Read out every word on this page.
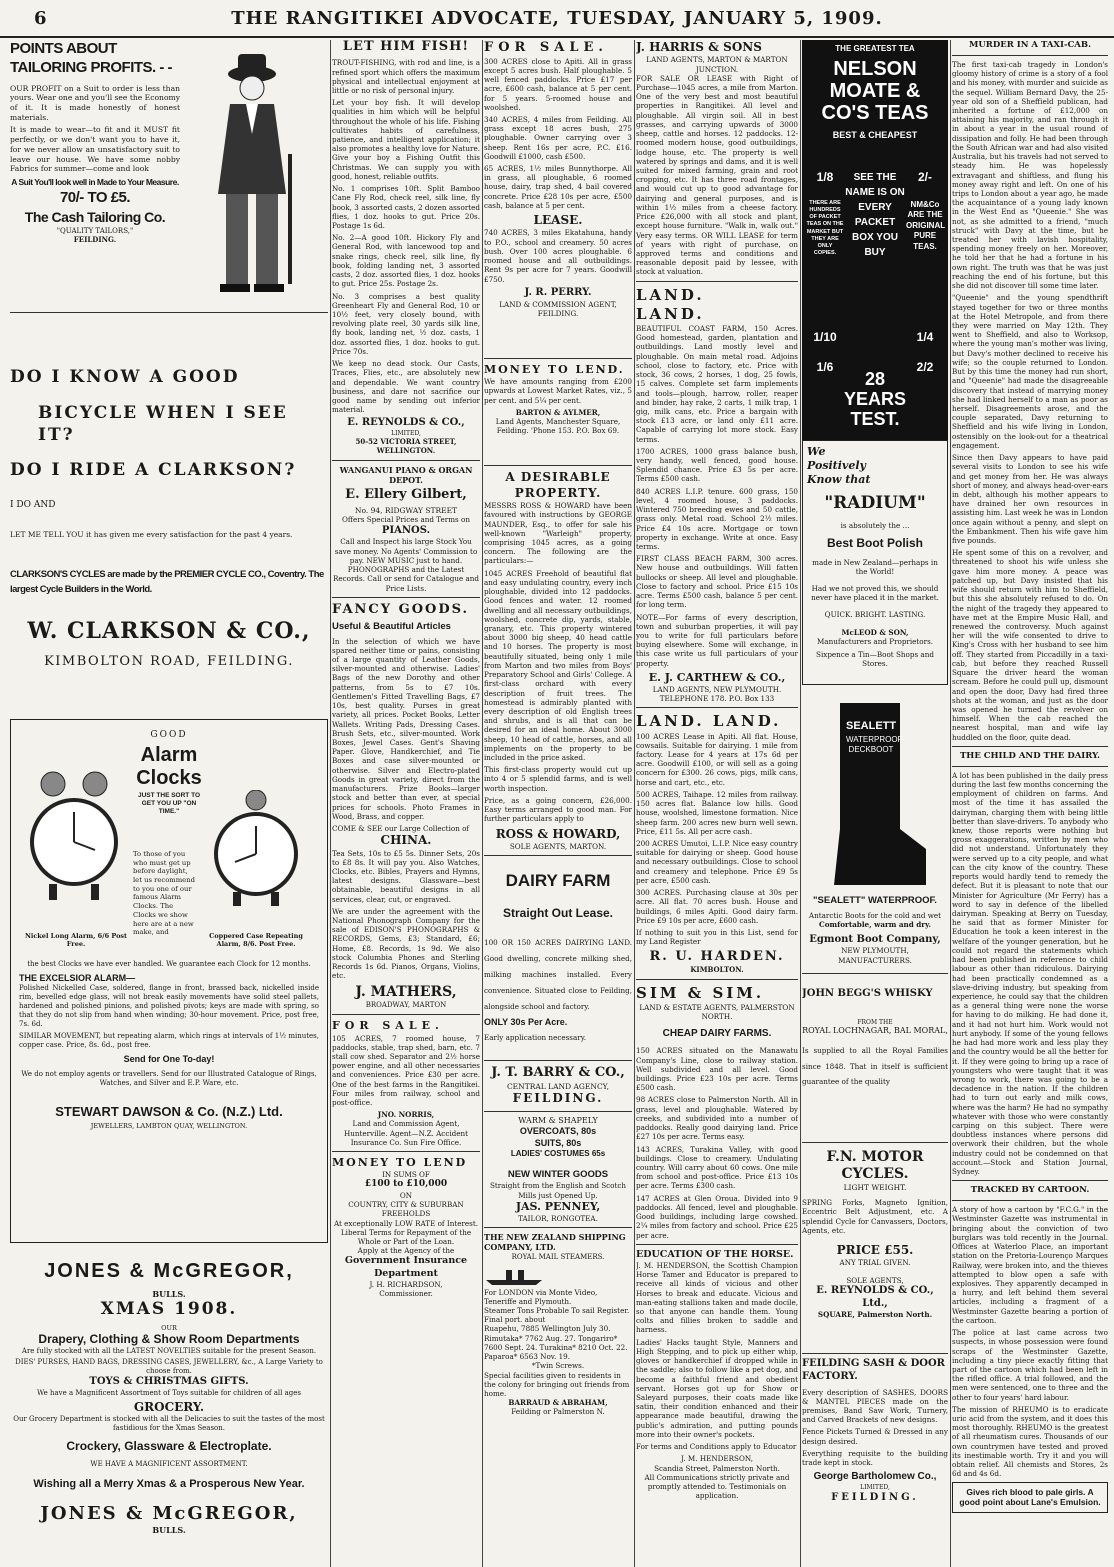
6	THE RANGITIKEI ADVOCATE, TUESDAY, JANUARY 5, 1909.
POINTS ABOUT TAILORING PROFITS. - -
OUR PROFIT on a Suit to order is less than yours. Wear one and you'll see the Economy of it. It is made honestly of honest materials.
It is made to wear—to fit and it MUST fit perfectly, or we don't want you to have it, for we never allow an unsatisfactory suit to leave our house. We have some nobby Fabrics for summer—come and look
A Suit You'll look well in Made to Your Measure.
70/- TO £5.
The Cash Tailoring Co.
"QUALITY TAILORS,"
FEILDING.
DO I KNOW A GOOD
BICYCLE WHEN I SEE IT?
DO I RIDE A CLARKSON?
I DO AND
LET ME TELL YOU it has given me every satisfaction for the past 4 years.
CLARKSON'S CYCLES are made by the PREMIER CYCLE CO., Coventry. The largest Cycle Builders in the World.
W. CLARKSON & CO.,
KIMBOLTON ROAD, FEILDING.
GOOD
Alarm Clocks
JUST THE SORT TO GET YOU UP "ON TIME."
To those of you who must get up before daylight, let us recommend to you one of our famous Alarm Clocks. The Clocks we show here are at a new make, and
Nickel Long Alarm, 6/6 Post Free.
Coppered Case Repeating Alarm, 8/6. Post Free.
the best Clocks we have ever handled. We guarantee each Clock for 12 months.
THE EXCELSIOR ALARM—
Polished Nickelled Case, soldered, flange in front, brassed back, nickelled inside rim, bevelled edge glass, will not break easily movements have solid steel pallets, hardened and polished pinions, and polished pivots; keys are made with spring, so that they do not slip from hand when winding; 30-hour movement. Price, post free, 7s. 6d.
SIMILAR MOVEMENT, but repeating alarm, which rings at intervals of 1½ minutes, copper case. Price, 8s. 6d., post free.
Send for One To-day!
We do not employ agents or travellers. Send for our Illustrated Catalogue of Rings, Watches, and Silver and E.P. Ware, etc.
STEWART DAWSON & Co. (N.Z.) Ltd.
JEWELLERS, LAMBTON QUAY, WELLINGTON.
JONES & McGREGOR,
BULLS.
XMAS 1908.
OUR
Drapery, Clothing & Show Room Departments
Are fully stocked with all the LATEST NOVELTIES suitable for the present Season.
DIES' PURSES, HAND BAGS, DRESSING CASES, JEWELLERY, &c., A Large Variety to choose from.
TOYS & CHRISTMAS GIFTS.
We have a Magnificent Assortment of Toys suitable for children of all ages
GROCERY.
Our Grocery Department is stocked with all the Delicacies to suit the tastes of the most fastidious for the Xmas Season.
Crockery, Glassware & Electroplate.
WE HAVE A MAGNIFICENT ASSORTMENT.
Wishing all a Merry Xmas & a Prosperous New Year.
JONES & McGREGOR,
BULLS.
LET HIM FISH!
TROUT-FISHING, with rod and line, is a refined sport which offers the maximum physical and intellectual enjoyment at little or no risk of personal injury.
Let your boy fish. It will develop qualities in him which will be helpful throughout the whole of his life. Fishing cultivates habits of carefulness, patience, and intelligent application; it also promotes a healthy love for Nature. Give your boy a Fishing Outfit this Christmas. We can supply you with good, honest, reliable outfits.
No. 1 comprises 10ft. Split Bamboo Cane Fly Rod, check reel, silk line, fly book, 3 assorted casts, 2 dozen assorted flies, 1 doz. hooks to gut. Price 20s. Postage 1s 6d.
No. 2—A good 10ft. Hickory Fly and General Rod, with lancewood top and snake rings, check reel, silk line, fly book, folding landing net, 3 assorted casts, 2 doz. assorted flies, 1 doz. hooks to gut. Price 25s. Postage 2s.
No. 3 comprises a best quality Greenheart Fly and General Rod, 10 or 10½ feet, very closely bound, with revolving plate reel, 30 yards silk line, fly book, landing net, ½ doz. casts, 1 doz. assorted flies, 1 doz. hooks to gut. Price 70s.
We keep no dead stock. Our Casts, Traces, Flies, etc., are absolutely new and dependable. We want country business, and dare not sacrifice our good name by sending out inferior material.
E. REYNOLDS & CO.,
LIMITED,
50-52 VICTORIA STREET, WELLINGTON.
WANGANUI PIANO & ORGAN DEPOT.
E. Ellery Gilbert,
No. 94, RIDGWAY STREET
Offers Special Prices and Terms on
PIANOS.
Call and Inspect his large Stock You save money. No Agents' Commission to pay. NEW MUSIC just to hand. PHONOGRAPHS and the Latest Records. Call or send for Catalogue and Price Lists.
FANCY GOODS.
Useful & Beautiful Articles
In the selection of which we have spared neither time or pains, consisting of a large quantity of Leather Goods, silver-mounted and otherwise. Ladies' Bags of the new Dorothy and other patterns, from 5s to £7 10s. Gentlemen's Fitted Travelling Bags, £7 10s, best quality. Purses in great variety, all prices. Pocket Books, Letter Wallets. Writing Pads, Dressing Cases. Brush Sets, etc., silver-mounted. Work Boxes, Jewel Cases. Gent's Shaving Paper. Glove, Handkerchief, and Tie Boxes and case silver-mounted or otherwise. Silver and Electro-plated Goods in great variety, direct from the manufacturers. Prize Books—larger stock and better than ever, at special prices for schools. Photo Frames in Wood, Brass, and copper.
COME & SEE our Large Collection of
CHINA.
Tea Sets, 10s to £5 5s. Dinner Sets, 20s to £8 8s. It will pay you. Also Watches, Clocks, etc. Bibles, Prayers and Hymns, latest designs. Glassware—best obtainable, beautiful designs in all services, clear, cut, or engraved.
We are under the agreement with the National Phonograph Company for the sale of EDISON'S PHONOGRAPHS & RECORDS, Gems, £3; Standard, £6; Home, £8. Records, 1s 9d. We also stock Columbia Phones and Sterling Records 1s 6d. Pianos, Organs, Violins, etc.
J. MATHERS,
BROADWAY, MARTON
FOR SALE.
105 ACRES, 7 roomed house, 7 paddocks, stable, trap shed, barn, etc. 7 stall cow shed. Separator and 2½ horse power engine, and all other necessaries and conveniences. Price £30 per acre. One of the best farms in the Rangitikei. Four miles from railway, school and post-office.
JNO. NORRIS,
Land and Commission Agent, Hunterville. Agent—N.Z. Accident Insurance Co. Sun Fire Office.
MONEY TO LEND
IN SUMS OF
£100 to £10,000
ON
COUNTRY, CITY & SUBURBAN FREEHOLDS
At exceptionally LOW RATE of Interest.
Liberal Terms for Repayment of the Whole or Part of the Loan.
Apply at the Agency of the
Government Insurance Department
J. H. RICHARDSON,
Commissioner.
FOR SALE.
300 ACRES close to Apiti. All in grass except 5 acres bush. Half ploughable. 5 well fenced paddocks. Price £17 per acre, £600 cash, balance at 5 per cent. for 5 years. 5-roomed house and woolshed.
340 ACRES, 4 miles from Feilding. All grass except 18 acres bush, 275 ploughable. Owner carrying over 3 sheep. Rent 16s per acre, P.C. £16. Goodwill £1000, cash £500.
65 ACRES, 1½ miles Bunnythorpe. All in grass, all ploughable, 6 roomed house, dairy, trap shed, 4 bail covered concrete. Price £28 10s per acre, £500 cash, balance at 5 per cent.
LEASE.
740 ACRES, 3 miles Ekatahuna, handy to P.O., school and creamery. 50 acres bush. Over 100 acres ploughable. 6 roomed house and all outbuildings. Rent 9s per acre for 7 years. Goodwill £750.
J. R. PERRY.
LAND & COMMISSION AGENT, FEILDING.
MONEY TO LEND.
We have amounts ranging from £200 upwards at Lowest Market Rates, viz., 5 per cent. and 5¼ per cent.
BARTON & AYLMER,
Land Agents, Manchester Square, Feilding. 'Phone 153. P.O. Box 69.
A DESIRABLE PROPERTY.
MESSRS ROSS & HOWARD have been favoured with instructions by GEORGE MAUNDER, Esq., to offer for sale his well-known "Warleigh" property, comprising 1045 acres, as a going concern. The following are the particulars:—
1045 ACRES Freehold of beautiful flat and easy undulating country, every inch ploughable, divided into 12 paddocks. Good fences and water. 12 roomed dwelling and all necessary outbuildings, woolshed, concrete dip, yards, stable, granary, etc. This property wintered about 3000 big sheep, 40 head cattle and 10 horses. The property is most beautifully situated, being only 1 mile from Marton and two miles from Boys' Preparatory School and Girls' College. A first-class orchard with every description of fruit trees. The homestead is admirably planted with every description of old English trees and shrubs, and is all that can be desired for an ideal home. About 3000 sheep, 10 head of cattle, horses, and all implements on the property to be included in the price asked.
This first-class property would cut up into 4 or 5 splendid farms, and is well worth inspection.
Price, as a going concern, £26,000. Easy terms arranged to good man. For further particulars apply to
ROSS & HOWARD,
SOLE AGENTS, MARTON.
DAIRY FARM
Straight Out Lease.
100 OR 150 ACRES DAIRYING LAND. Good dwelling, concrete milking shed, milking machines installed. Every convenience. Situated close to Feilding, alongside school and factory.
ONLY 30s Per Acre.
Early application necessary.
J. T. BARRY & CO.,
CENTRAL LAND AGENCY,
FEILDING.
WARM & SHAPELY
OVERCOATS, 80s
SUITS, 80s
LADIES' COSTUMES 65s
NEW WINTER GOODS
Straight from the English and Scotch Mills just Opened Up.
JAS. PENNEY,
TAILOR, RONGOTEA.
THE NEW ZEALAND SHIPPING COMPANY, LTD.
ROYAL MAIL STEAMERS.
For LONDON via Monte Video, Teneriffe and Plymouth.
Steamer Tons Probable To sail Register. Final port. about
Ruapehu, 7885 Wellington July 30. Rimutaka* 7762 Aug. 27. Tongariro* 7600 Sept. 24. Turakina* 8210 Oct. 22. Paparoa* 6563 Nov. 19.
*Twin Screws.
Special facilities given to residents in the colony for bringing out friends from home.
BARRAUD & ABRAHAM,
Feilding or Palmerston N.
J. HARRIS & SONS
LAND AGENTS, MARTON & MARTON JUNCTION.
FOR SALE OR LEASE with Right of Purchase—1045 acres, a mile from Marton. One of the very best and most beautiful properties in Rangitikei. All level and ploughable. All virgin soil. All in best grasses, and carrying upwards of 3000 sheep, cattle and horses. 12 paddocks. 12-roomed modern house, good outbuildings, lodge house, etc. The property is well watered by springs and dams, and it is well suited for mixed farming, grain and root cropping, etc. It has three road frontages, and would cut up to good advantage for dairying and general purposes, and is within 1½ miles from a cheese factory. Price £26,000 with all stock and plant, except house furniture. "Walk in, walk out." Very easy terms. OR WILL LEASE for term of years with right of purchase, on approved terms and conditions and reasonable deposit paid by lessee, with stock at valuation.
LAND. LAND.
BEAUTIFUL COAST FARM, 150 Acres. Good homestead, garden, plantation and outbuildings. Land mostly level and ploughable. On main metal road. Adjoins school, close to factory, etc. Price with stock, 36 cows, 2 horses, 1 dog, 25 fowls, 15 calves. Complete set farm implements and tools—plough, harrow, roller, reaper and binder, hay rake, 2 carts, 1 milk trap, 1 gig, milk cans, etc. Price a bargain with stock £13 acre, or land only £11 acre. Capable of carrying lot more stock. Easy terms.
1700 ACRES, 1000 grass balance bush, very handy, well fenced, good house. Splendid chance. Price £3 5s per acre. Terms £500 cash.
840 ACRES L.I.P. tenure. 600 grass, 150 level, 4 roomed house, 3 paddocks. Wintered 750 breeding ewes and 50 cattle, grass only. Metal road. School 2½ miles. Price £4 10s acre. Mortgage or town property in exchange. Write at once. Easy terms.
FIRST CLASS BEACH FARM, 300 acres. New house and outbuildings. Will fatten bullocks or sheep. All level and ploughable. Close to factory and school. Price £15 10s acre. Terms £500 cash, balance 5 per cent. for long term.
NOTE—For farms of every description, town and suburban properties, it will pay you to write for full particulars before buying elsewhere. Some will exchange, in this case write us full particulars of your property.
E. J. CARTHEW & CO.,
LAND AGENTS, NEW PLYMOUTH.
TELEPHONE 178. P.O. Box 133
LAND. LAND.
100 ACRES Lease in Apiti. All flat. House, cowsails. Suitable for dairying. 1 mile from factory. Lease for 4 years at 17s 6d per acre. Goodwill £100, or will sell as a going concern for £300. 26 cows, pigs, milk cans, horse and cart, etc., etc.
500 ACRES, Taihape. 12 miles from railway. 150 acres flat. Balance low hills. Good house, woolshed, limestone formation. Nice sheep farm. 200 acres new burn well sewn. Price, £11 5s. All per acre cash.
200 ACRES Umutoi, L.I.P. Nice easy country suitable for dairying or sheep. Good house and necessary outbuildings. Close to school and creamery and telephone. Price £9 5s per acre, £500 cash.
300 ACRES. Purchasing clause at 30s per acre. All flat. 70 acres bush. House and buildings, 6 miles Apiti. Good dairy farm. Price £9 10s per acre, £600 cash.
If nothing to suit you in this List, send for my Land Register
R. U. HARDEN.
KIMBOLTON.
SIM & SIM.
LAND & ESTATE AGENTS, PALMERSTON NORTH.
CHEAP DAIRY FARMS.
150 ACRES situated on the Manawatu Company's Line, close to railway station. Well subdivided and all level. Good buildings. Price £23 10s per acre. Terms £500 cash.
98 ACRES close to Palmerston North. All in grass, level and ploughable. Watered by creeks, and subdivided into a number of paddocks. Really good dairying land. Price £27 10s per acre. Terms easy.
143 ACRES, Turakina Valley, with good buildings. Close to creamery. Undulating country. Will carry about 60 cows. One mile from school and post-office. Price £13 10s per acre. Terms £300 cash.
147 ACRES at Glen Oroua. Divided into 9 paddocks. All fenced, level and ploughable. Good buildings, including large cowshed. 2¼ miles from factory and school. Price £25 per acre.
EDUCATION OF THE HORSE.
J. M. HENDERSON, the Scottish Champion Horse Tamer and Educator is prepared to receive all kinds of vicious and other Horses to break and educate. Vicious and man-eating stallions taken and made docile, so that anyone can handle them. Young colts and fillies broken to saddle and harness.
Ladies' Hacks taught Style, Manners and High Stepping, and to pick up either whip, gloves or handkerchief if dropped while in the saddle; also to follow like a pet dog, and become a faithful friend and obedient servant. Horses got up for Show or Saleyard purposes, their coats made like satin, their condition enhanced and their appearance made beautiful, drawing the public's admiration, and putting pounds more into their owner's pockets.
For terms and Conditions apply to Educator
J. M. HENDERSON,
Scandia Street, Palmerston North.
All Communications strictly private and promptly attended to. Testimonials on application.
THE GREATEST TEA
NELSON MOATE & CO'S TEAS
BEST & CHEAPEST
SEE THE NAME IS ON EVERY PACKET BOX YOU BUY
1/8
THERE ARE HUNDREDS OF PACKET TEAS ON THE MARKET BUT THEY ARE ONLY COPIES.
1/10
1/6
2/-
NM&Co ARE THE ORIGINAL PURE TEAS.
1/4
2/2
28 YEARS TEST.
We Positively Know that
"RADIUM"
is absolutely the ...
Best Boot Polish
made in New Zealand—perhaps in the World!
Had we not proved this, we should never have placed it in the market.
QUICK. BRIGHT. LASTING.
McLEOD & SON,
Manufacturers and Proprietors.
Sixpence a Tin—Boot Shops and Stores.
SEALETT
WATERPROOF DECKBOOT
"SEALETT" WATERPROOF.
Antarctic Boots for the cold and wet
Comfortable, warm and dry.
Egmont Boot Company,
NEW PLYMOUTH,
MANUFACTURERS.
JOHN BEGG'S WHISKY
FROM THE
ROYAL LOCHNAGAR, BAL MORAL,
Is supplied to all the Royal Families since 1848. That in itself is sufficient guarantee of the quality
F.N. MOTOR CYCLES.
LIGHT WEIGHT.
SPRING Forks, Magneto Ignition, Eccentric Belt Adjustment, etc. A splendid Cycle for Canvassers, Doctors, Agents, etc.
PRICE £55.
ANY TRIAL GIVEN.
SOLE AGENTS,
E. REYNOLDS & CO., Ltd.,
SQUARE, Palmerston North.
FEILDING SASH & DOOR FACTORY.
Every description of SASHES, DOORS & MANTEL PIECES made on the premises, Band Saw Work, Turnery, and Carved Brackets of new designs.
Fence Pickets Turned & Dressed in any design desired.
Everything requisite to the building trade kept in stock.
George Bartholomew Co.,
LIMITED,
FEILDING.
MURDER IN A TAXI-CAB.
The first taxi-cab tragedy in London's gloomy history of crime is a story of a fool and his money, with murder and suicide as the sequel. William Bernard Davy, the 25-year old son of a Sheffield publican, had inherited a fortune of £12,000 on attaining his majority, and ran through it in about a year in the usual round of dissipation and folly. He had been through the South African war and had also visited Australia, but his travels had not served to steady him. He was hopelessly extravagant and shiftless, and flung his money away right and left. On one of his trips to London about a year ago, he made the acquaintance of a young lady known in the West End as "Queenie." She was not, as she admitted to a friend, "much struck" with Davy at the time, but he treated her with lavish hospitality, spending money freely on her. Moreover, he told her that he had a fortune in his own right. The truth was that he was just reaching the end of his fortune, but this she did not discover till some time later.
"Queenie" and the young spendthrift stayed together for two or three months at the Hotel Metropole, and from there they were married on May 12th. They went to Sheffield, and also to Worksop, where the young man's mother was living, but Davy's mother declined to receive his wife; so the couple returned to London. But by this time the money had run short, and "Queenie" had made the disagreeable discovery that instead of marrying money she had linked herself to a man as poor as herself. Disagreements arose, and the couple separated, Davy returning to Sheffield and his wife living in London, ostensibly on the look-out for a theatrical engagement.
Since then Davy appears to have paid several visits to London to see his wife and get money from her. He was always short of money, and always head-over-ears in debt, although his mother appears to have drained her own resources in assisting him. Last week he was in London once again without a penny, and slept on the Embankment. Then his wife gave him five pounds.
He spent some of this on a revolver, and threatened to shoot his wife unless she gave him more money. A peace was patched up, but Davy insisted that his wife should return with him to Sheffield, but this she absolutely refused to do. On the night of the tragedy they appeared to have met at the Empire Music Hall, and renewed the controversy. Much against her will the wife consented to drive to King's Cross with her husband to see him off. They started from Piccadilly in a taxi-cab, but before they reached Russell Square the driver heard the woman scream. Before he could pull up, dismount and open the door, Davy had fired three shots at the woman, and just as the door was opened he turned the revolver on himself. When the cab reached the nearest hospital, man and wife lay huddled on the floor, quite dead.
THE CHILD AND THE DAIRY.
A lot has been published in the daily press during the last few months concerning the employment of children on farms. And most of the time it has assailed the dairyman, charging them with being little better than slave-drivers. To anybody who knew, those reports were nothing but gross exaggerations, written by men who did not understand. Unfortunately they were served up to a city people, and what can the city know of the country. These reports would hardly tend to remedy the defect. But it is pleasant to note that our Minister for Agriculture (Mr Ferry) has a word to say in defence of the libelled dairyman. Speaking at Berry on Tuesday, he said that as former Minister for Education he took a keen interest in the welfare of the younger generation, but he could not regard the statements which had been published in reference to child labour as other than ridiculous. Dairying had been practically condemned as a slave-driving industry, but speaking from experience, he could say that the children as a general thing were none the worse for having to do milking. He had done it, and it had not hurt him. Work would not hurt anybody. If some of the young fellows he had had more work and less play they and the country would be all the better for it. If they were going to bring up a race of youngsters who were taught that it was wrong to work, there was going to be a decadence in the nation. If the children had to turn out early and milk cows, where was the harm? He had no sympathy whatever with those who were constantly carping on this subject. There were doubtless instances where persons did overwork their children, but the whole industry could not be condemned on that account.—Stock and Station Journal, Sydney.
TRACKED BY CARTOON.
A story of how a cartoon by "F.C.G." in the Westminster Gazette was instrumental in bringing about the conviction of two burglars was told recently in the Journal. Offices at Waterloo Place, an important station on the Pretoria-Lourenço Marques Railway, were broken into, and the thieves attempted to blow open a safe with explosives. They apparently decamped in a hurry, and left behind them several articles, including a fragment of a Westminster Gazette bearing a portion of the cartoon.
The police at last came across two suspects, in whose possession were found scraps of the Westminster Gazette, including a tiny piece exactly fitting that part of the cartoon which had been left in the rifled office. A trial followed, and the men were sentenced, one to three and the other to four years' hard labour.
The mission of RHEUMO is to eradicate uric acid from the system, and it does this most thoroughly. RHEUMO is the greatest of all rheumatism cures. Thousands of our own countrymen have tested and proved its inestimable worth. Try it and you will obtain relief. All chemists and Stores, 2s 6d and 4s 6d.
Gives rich blood to pale girls. A good point about Lane's Emulsion.
